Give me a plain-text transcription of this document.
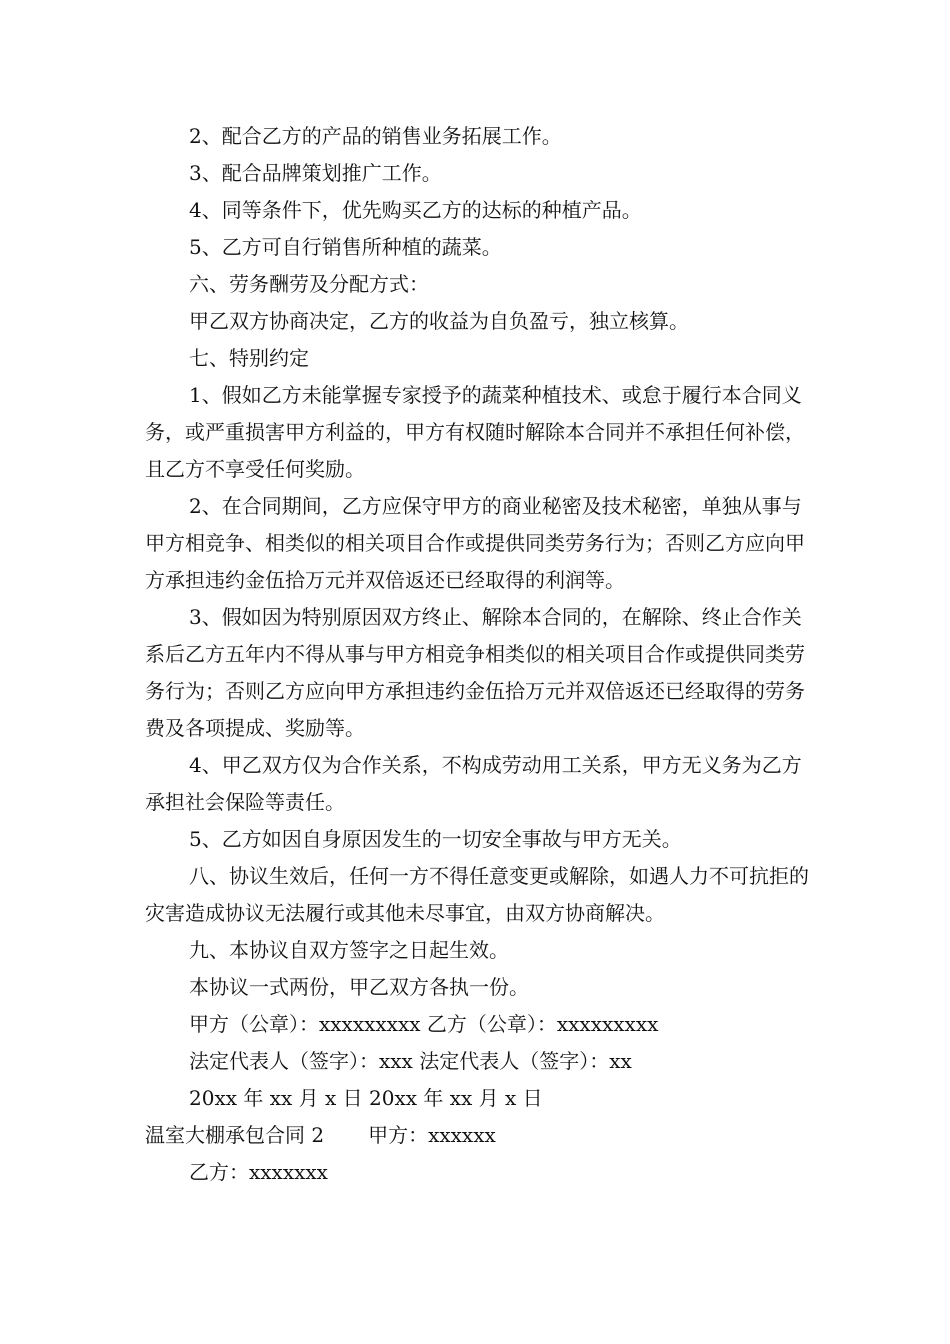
2、配合乙方的产品的销售业务拓展工作。
3、配合品牌策划推广工作。
4、同等条件下，优先购买乙方的达标的种植产品。
5、乙方可自行销售所种植的蔬菜。
六、劳务酬劳及分配方式：
甲乙双方协商决定，乙方的收益为自负盈亏，独立核算。
七、特别约定

1、假如乙方未能掌握专家授予的蔬菜种植技术、或怠于履行本合同义务，或严重损害甲方利益的，甲方有权随时解除本合同并不承担任何补偿，且乙方不享受任何奖励。

2、在合同期间，乙方应保守甲方的商业秘密及技术秘密，单独从事与甲方相竞争、相类似的相关项目合作或提供同类劳务行为；否则乙方应向甲方承担违约金伍拾万元并双倍返还已经取得的利润等。

3、假如因为特别原因双方终止、解除本合同的，在解除、终止合作关系后乙方五年内不得从事与甲方相竞争相类似的相关项目合作或提供同类劳务行为；否则乙方应向甲方承担违约金伍拾万元并双倍返还已经取得的劳务费及各项提成、奖励等。

4、甲乙双方仅为合作关系，不构成劳动用工关系，甲方无义务为乙方承担社会保险等责任。

5、乙方如因自身原因发生的一切安全事故与甲方无关。

八、协议生效后，任何一方不得任意变更或解除，如遇人力不可抗拒的灾害造成协议无法履行或其他未尽事宜，由双方协商解决。

九、本协议自双方签字之日起生效。
本协议一式两份，甲乙双方各执一份。
甲方（公章）：xxxxxxxxx 乙方（公章）：xxxxxxxxx
法定代表人（签字）：xxx 法定代表人（签字）：xx
20xx 年 xx 月 x 日 20xx 年 xx 月 x 日
温室大棚承包合同 2 甲方：xxxxxx
乙方：xxxxxxx
